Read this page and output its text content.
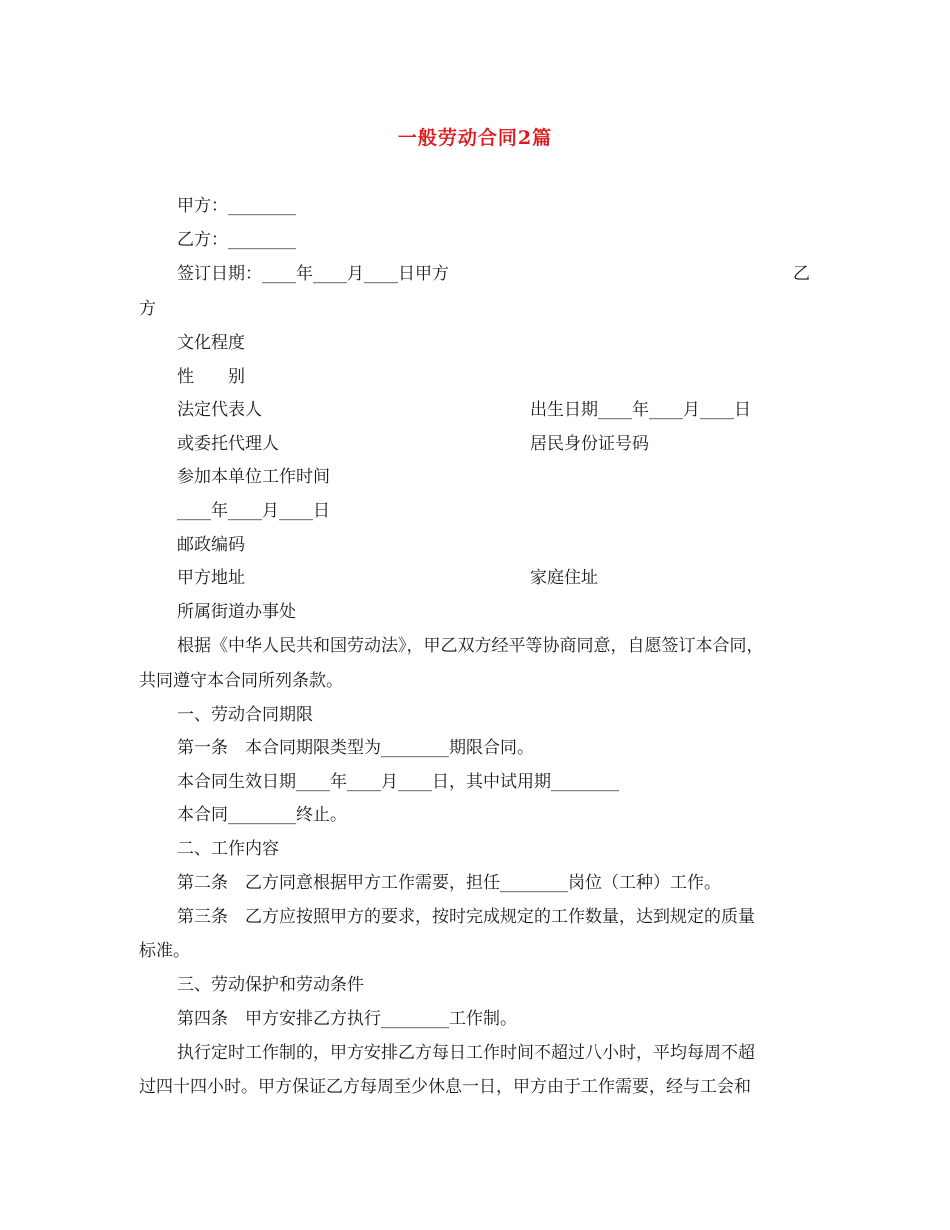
一般劳动合同2篇
甲方：________
乙方：________
签订日期：____年____月____日甲方	乙
方
文化程度
性　　别
法定代表人	出生日期____年____月____日
或委托代理人	居民身份证号码
参加本单位工作时间
____年____月____日
邮政编码
甲方地址	家庭住址
所属街道办事处
根据《中华人民共和国劳动法》，甲乙双方经平等协商同意，自愿签订本合同，
共同遵守本合同所列条款。
一、劳动合同期限
第一条　本合同期限类型为________期限合同。
本合同生效日期____年____月____日，其中试用期________
本合同________终止。
二、工作内容
第二条　乙方同意根据甲方工作需要，担任________岗位（工种）工作。
第三条　乙方应按照甲方的要求，按时完成规定的工作数量，达到规定的质量
标准。
三、劳动保护和劳动条件
第四条　甲方安排乙方执行________工作制。
执行定时工作制的，甲方安排乙方每日工作时间不超过八小时，平均每周不超
过四十四小时。甲方保证乙方每周至少休息一日，甲方由于工作需要，经与工会和
